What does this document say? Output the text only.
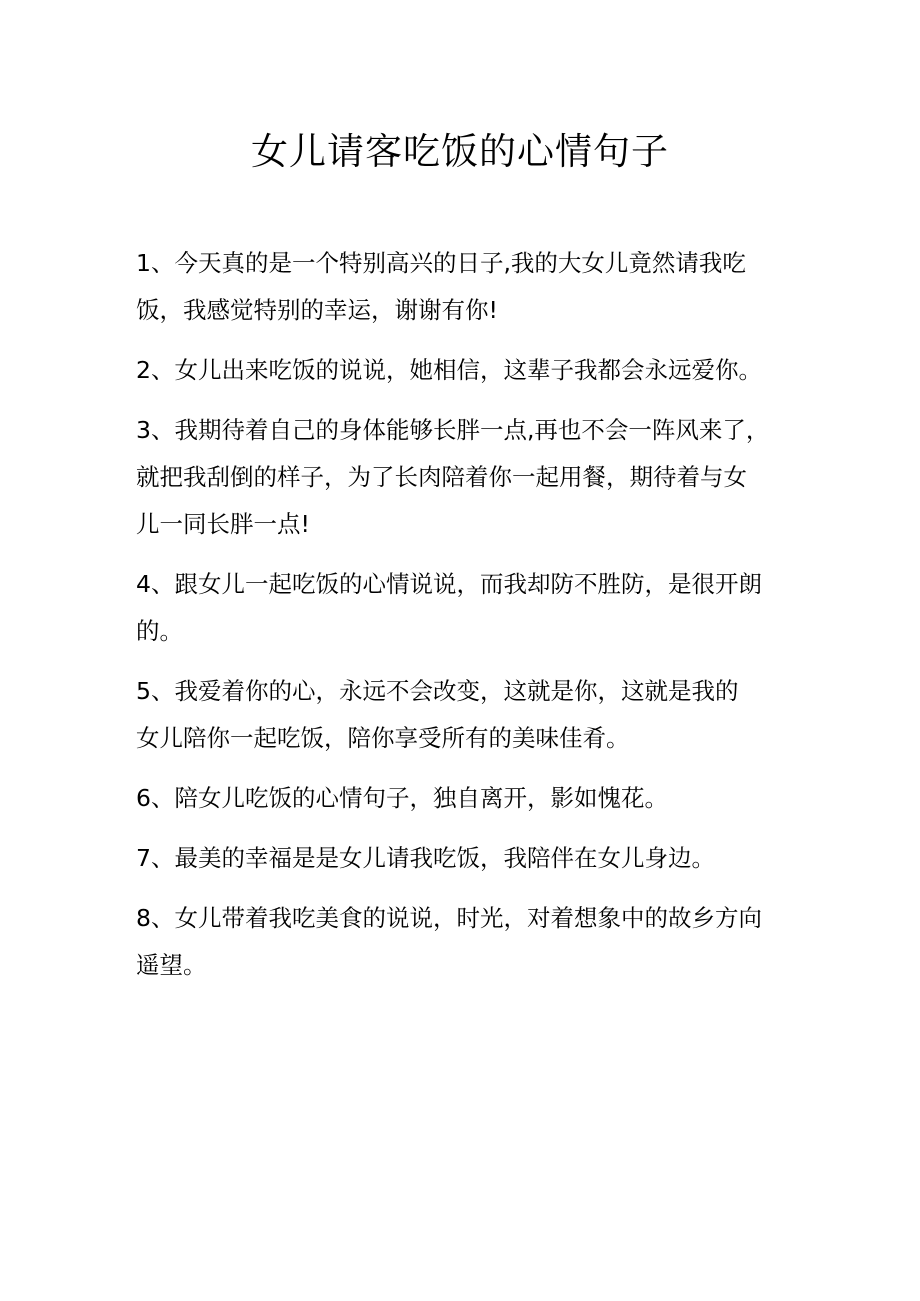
女儿请客吃饭的心情句子

1、今天真的是一个特别高兴的日子,我的大女儿竟然请我吃
饭，我感觉特别的幸运，谢谢有你!

2、女儿出来吃饭的说说，她相信，这辈子我都会永远爱你。

3、我期待着自己的身体能够长胖一点,再也不会一阵风来了，
就把我刮倒的样子，为了长肉陪着你一起用餐，期待着与女
儿一同长胖一点!

4、跟女儿一起吃饭的心情说说，而我却防不胜防，是很开朗
的。

5、我爱着你的心，永远不会改变，这就是你，这就是我的
女儿陪你一起吃饭，陪你享受所有的美味佳肴。

6、陪女儿吃饭的心情句子，独自离开，影如愧花。

7、最美的幸福是是女儿请我吃饭，我陪伴在女儿身边。

8、女儿带着我吃美食的说说，时光，对着想象中的故乡方向
遥望。
